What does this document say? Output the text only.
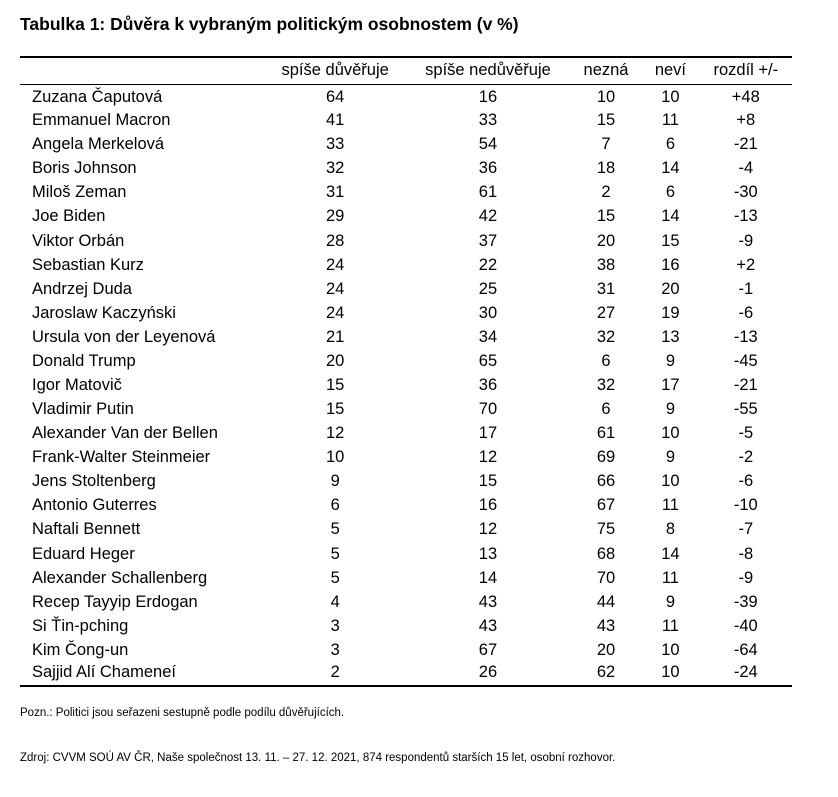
Tabulka 1: Důvěra k vybraným politickým osobnostem (v %)
	spíše důvěřuje	spíše nedůvěřuje	nezná	neví	rozdíl +/-
Zuzana Čaputová	64	16	10	10	+48
Emmanuel Macron	41	33	15	11	+8
Angela Merkelová	33	54	7	6	-21
Boris Johnson	32	36	18	14	-4
Miloš Zeman	31	61	2	6	-30
Joe Biden	29	42	15	14	-13
Viktor Orbán	28	37	20	15	-9
Sebastian Kurz	24	22	38	16	+2
Andrzej Duda	24	25	31	20	-1
Jaroslaw Kaczyński	24	30	27	19	-6
Ursula von der Leyenová	21	34	32	13	-13
Donald Trump	20	65	6	9	-45
Igor Matovič	15	36	32	17	-21
Vladimir Putin	15	70	6	9	-55
Alexander Van der Bellen	12	17	61	10	-5
Frank-Walter Steinmeier	10	12	69	9	-2
Jens Stoltenberg	9	15	66	10	-6
Antonio Guterres	6	16	67	11	-10
Naftali Bennett	5	12	75	8	-7
Eduard Heger	5	13	68	14	-8
Alexander Schallenberg	5	14	70	11	-9
Recep Tayyip Erdogan	4	43	44	9	-39
Si Ťin-pching	3	43	43	11	-40
Kim Čong-un	3	67	20	10	-64
Sajjid Alí Chameneí	2	26	62	10	-24
Pozn.: Politici jsou seřazeni sestupně podle podílu důvěřujících.
Zdroj: CVVM SOÚ AV ČR, Naše společnost 13. 11. – 27. 12. 2021, 874 respondentů starších 15 let, osobní rozhovor.
